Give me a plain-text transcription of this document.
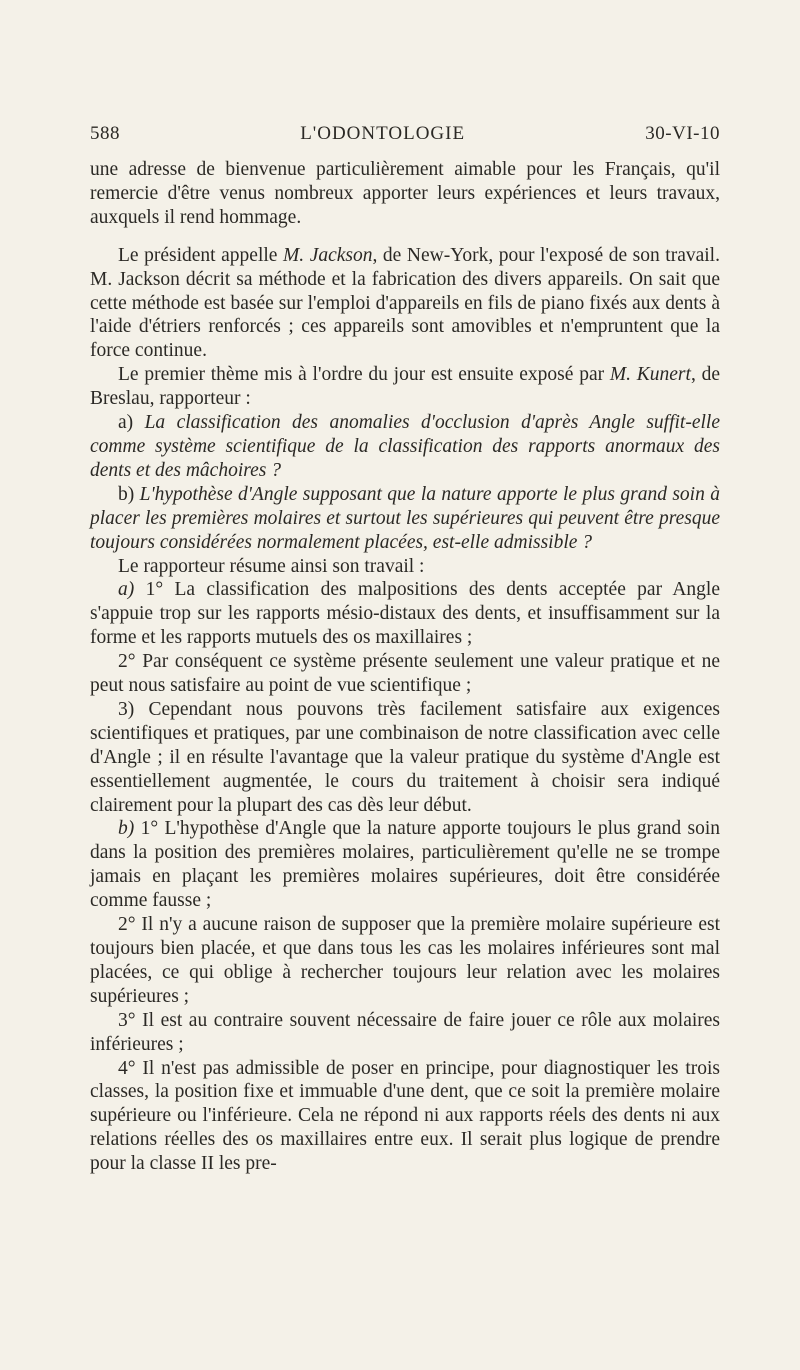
588	L'ODONTOLOGIE	30-VI-10

une adresse de bienvenue particulièrement aimable pour les Français, qu'il remercie d'être venus nombreux apporter leurs expériences et leurs travaux, auxquels il rend hommage.

Le président appelle M. Jackson, de New-York, pour l'exposé de son travail. M. Jackson décrit sa méthode et la fabrication des divers appareils. On sait que cette méthode est basée sur l'emploi d'appareils en fils de piano fixés aux dents à l'aide d'étriers renforcés ; ces appareils sont amovibles et n'empruntent que la force continue.

Le premier thème mis à l'ordre du jour est ensuite exposé par M. Kunert, de Breslau, rapporteur :

a) La classification des anomalies d'occlusion d'après Angle suffit-elle comme système scientifique de la classification des rapports anormaux des dents et des mâchoires ?

b) L'hypothèse d'Angle supposant que la nature apporte le plus grand soin à placer les premières molaires et surtout les supérieures qui peuvent être presque toujours considérées normalement placées, est-elle admissible ?

Le rapporteur résume ainsi son travail :

a) 1° La classification des malpositions des dents acceptée par Angle s'appuie trop sur les rapports mésio-distaux des dents, et insuffisamment sur la forme et les rapports mutuels des os maxillaires ;

2° Par conséquent ce système présente seulement une valeur pratique et ne peut nous satisfaire au point de vue scientifique ;

3) Cependant nous pouvons très facilement satisfaire aux exigences scientifiques et pratiques, par une combinaison de notre classification avec celle d'Angle ; il en résulte l'avantage que la valeur pratique du système d'Angle est essentiellement augmentée, le cours du traitement à choisir sera indiqué clairement pour la plupart des cas dès leur début.

b) 1° L'hypothèse d'Angle que la nature apporte toujours le plus grand soin dans la position des premières molaires, particulièrement qu'elle ne se trompe jamais en plaçant les premières molaires supérieures, doit être considérée comme fausse ;

2° Il n'y a aucune raison de supposer que la première molaire supérieure est toujours bien placée, et que dans tous les cas les molaires inférieures sont mal placées, ce qui oblige à rechercher toujours leur relation avec les molaires supérieures ;

3° Il est au contraire souvent nécessaire de faire jouer ce rôle aux molaires inférieures ;

4° Il n'est pas admissible de poser en principe, pour diagnostiquer les trois classes, la position fixe et immuable d'une dent, que ce soit la première molaire supérieure ou l'inférieure. Cela ne répond ni aux rapports réels des dents ni aux relations réelles des os maxillaires entre eux. Il serait plus logique de prendre pour la classe II les pre-
